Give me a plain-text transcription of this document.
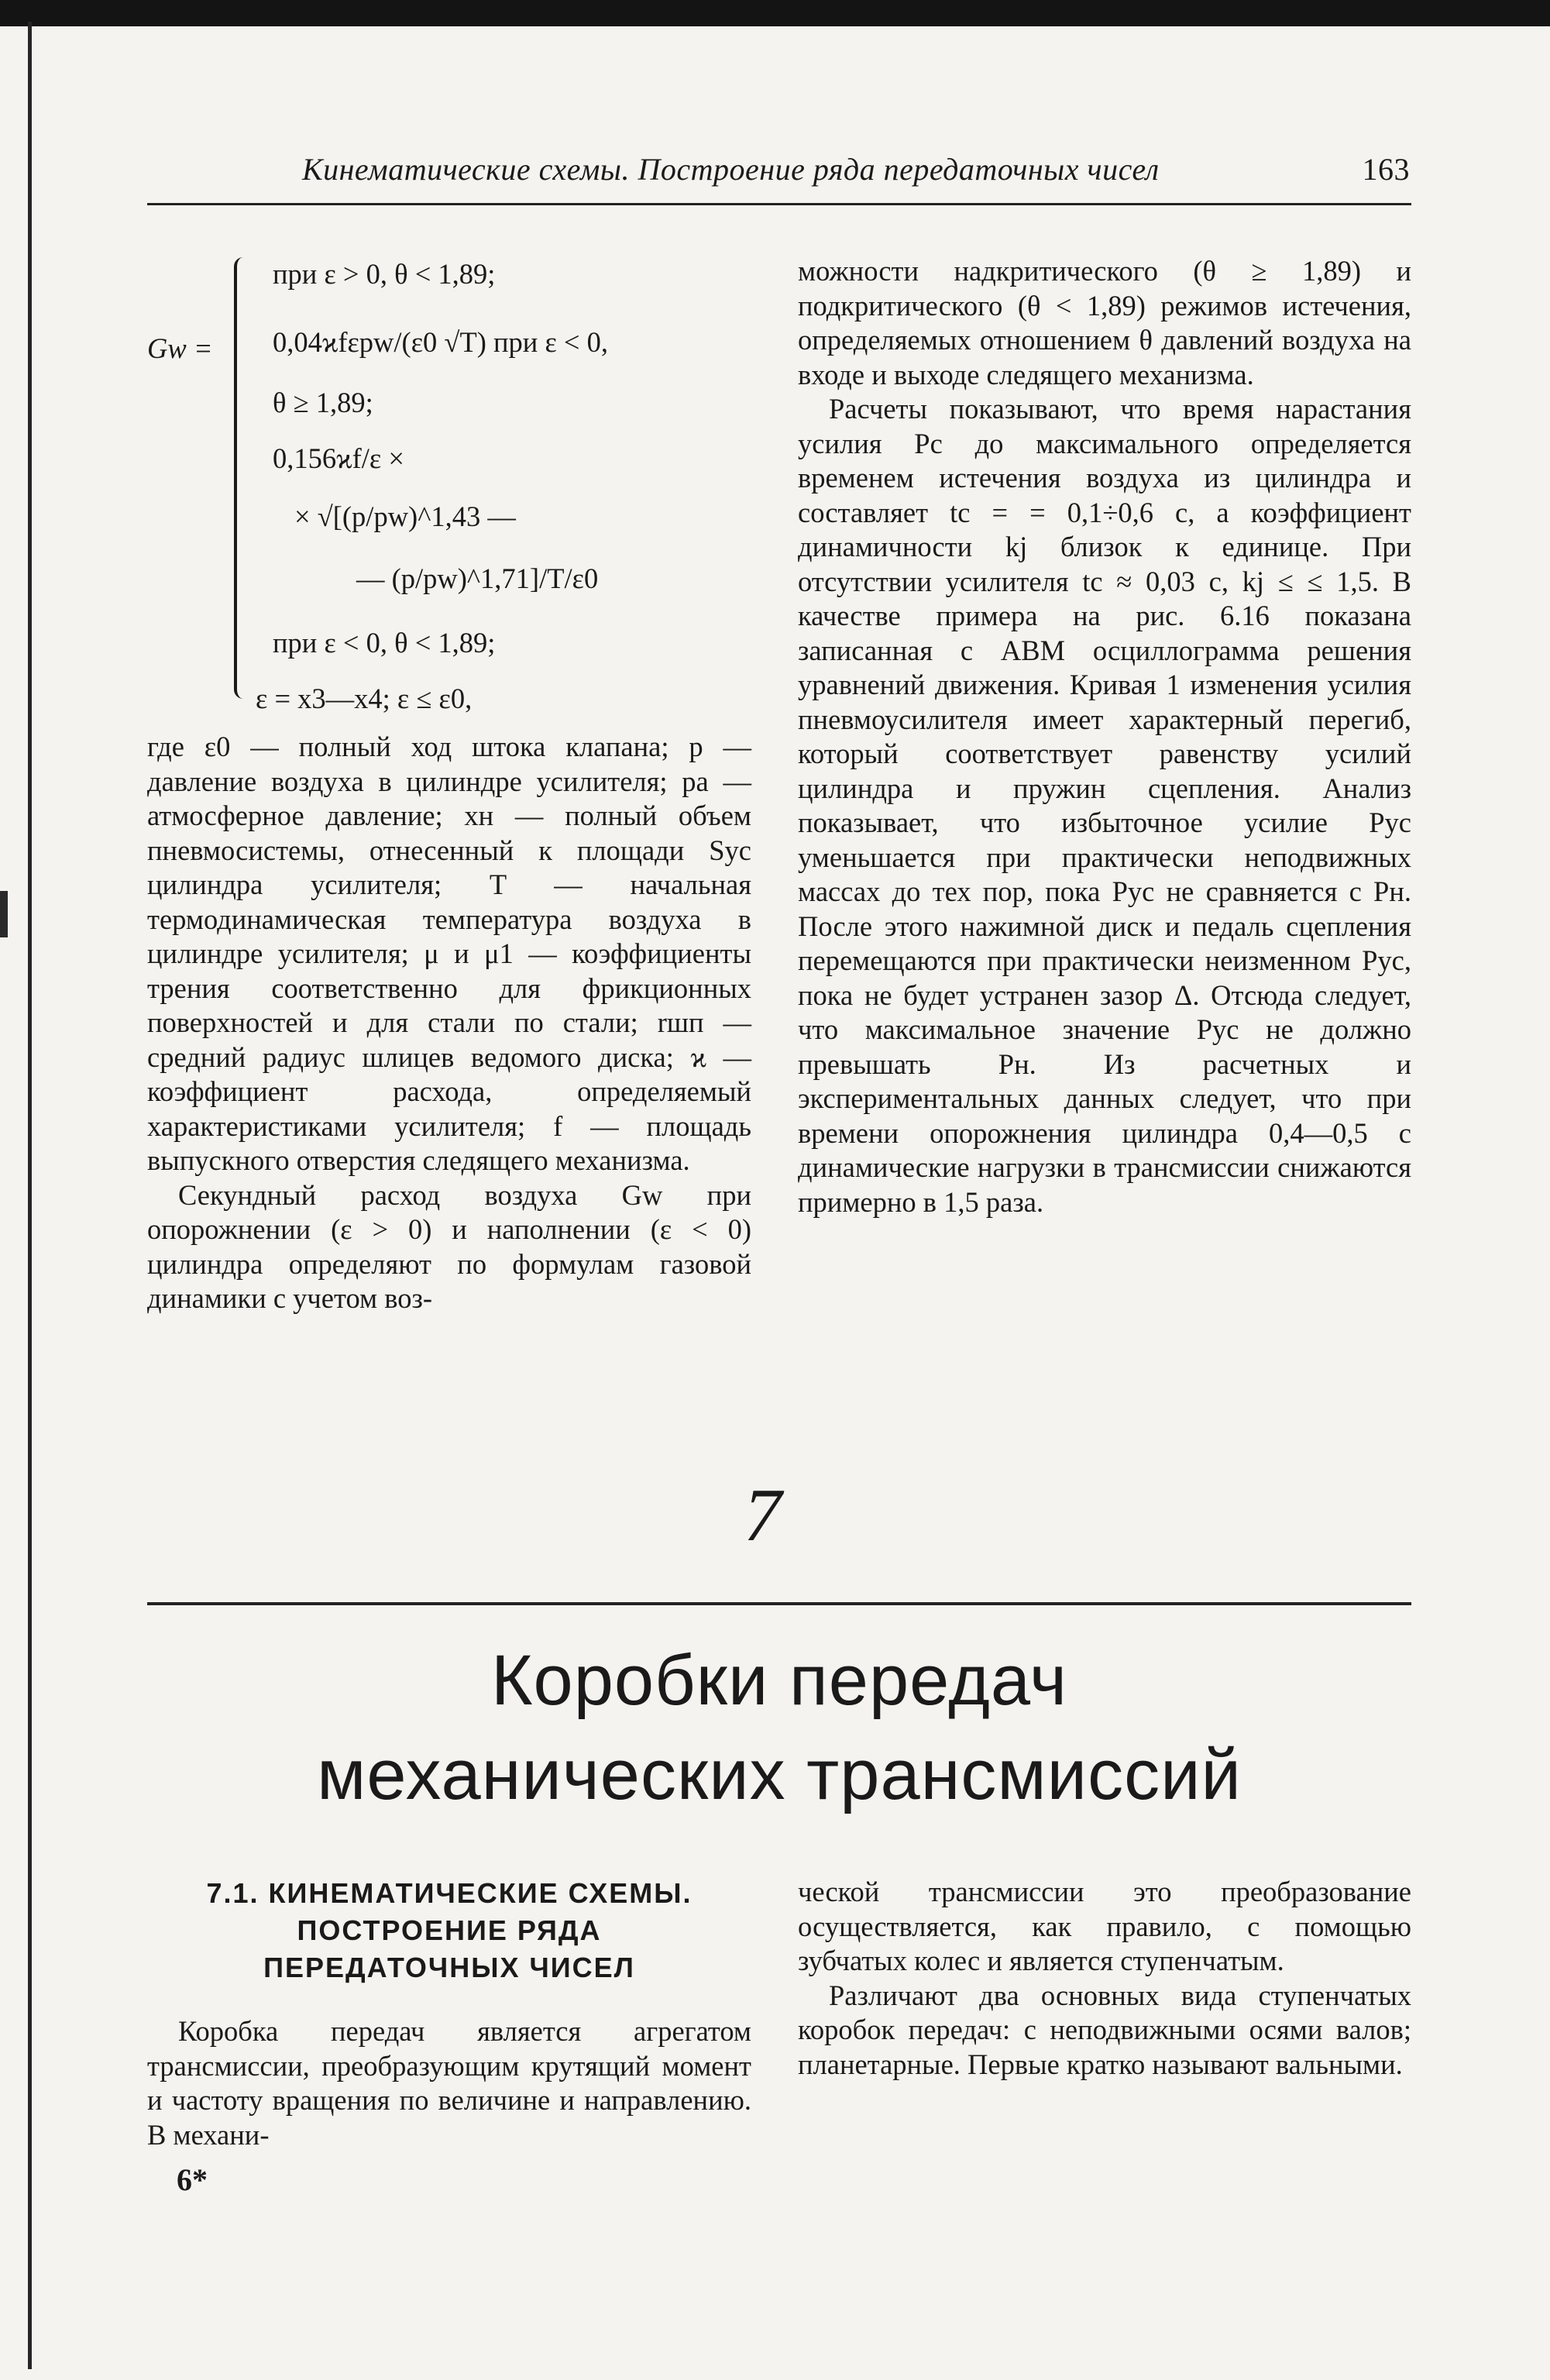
Кинематические схемы. Построение ряда передаточных чисел	163
Gw =
при ε > 0, θ < 1,89;
0,04ϰfεpw/(ε0 √T) при ε < 0,
θ ≥ 1,89;
0,156ϰf/ε ×
× √[(p/pw)^1,43 —
— (p/pw)^1,71]/T/ε0
при ε < 0, θ < 1,89;
ε = x3—x4; ε ≤ ε0,

где ε0 — полный ход штока клапана; p — давление воздуха в цилиндре усилителя; pa — атмосферное давление; xн — полный объем пневмосистемы, отнесенный к площади Sус цилиндра усилителя; T — начальная термодинамическая температура воздуха в цилиндре усилителя; μ и μ1 — коэффициенты трения соответственно для фрикционных поверхностей и для стали по стали; rшп — средний радиус шлицев ведомого диска; ϰ — коэффициент расхода, определяемый характеристиками усилителя; f — площадь выпускного отверстия следящего механизма.

Секундный расход воздуха Gw при опорожнении (ε > 0) и наполнении (ε < 0) цилиндра определяют по формулам газовой динамики с учетом воз-

можности надкритического (θ ≥ 1,89) и подкритического (θ < 1,89) режимов истечения, определяемых отношением θ давлений воздуха на входе и выходе следящего механизма.

Расчеты показывают, что время нарастания усилия Pс до максимального определяется временем истечения воздуха из цилиндра и составляет tс = = 0,1÷0,6 с, а коэффициент динамичности kj близок к единице. При отсутствии усилителя tс ≈ 0,03 с, kj ≤ ≤ 1,5. В качестве примера на рис. 6.16 показана записанная с АВМ осциллограмма решения уравнений движения. Кривая 1 изменения усилия пневмоусилителя имеет характерный перегиб, который соответствует равенству усилий цилиндра и пружин сцепления. Анализ показывает, что избыточное усилие Pус уменьшается при практически неподвижных массах до тех пор, пока Pус не сравняется с Pн. После этого нажимной диск и педаль сцепления перемещаются при практически неизменном Pус, пока не будет устранен зазор Δ. Отсюда следует, что максимальное значение Pус не должно превышать Pн. Из расчетных и экспериментальных данных следует, что при времени опорожнения цилиндра 0,4—0,5 с динамические нагрузки в трансмиссии снижаются примерно в 1,5 раза.

7
Коробки передач
механических трансмиссий
7.1. КИНЕМАТИЧЕСКИЕ СХЕМЫ.
ПОСТРОЕНИЕ РЯДА
ПЕРЕДАТОЧНЫХ ЧИСЕЛ

Коробка передач является агрегатом трансмиссии, преобразующим крутящий момент и частоту вращения по величине и направлению. В механи-

ческой трансмиссии это преобразование осуществляется, как правило, с помощью зубчатых колес и является ступенчатым.

Различают два основных вида ступенчатых коробок передач: с неподвижными осями валов; планетарные. Первые кратко называют вальными.

6*
